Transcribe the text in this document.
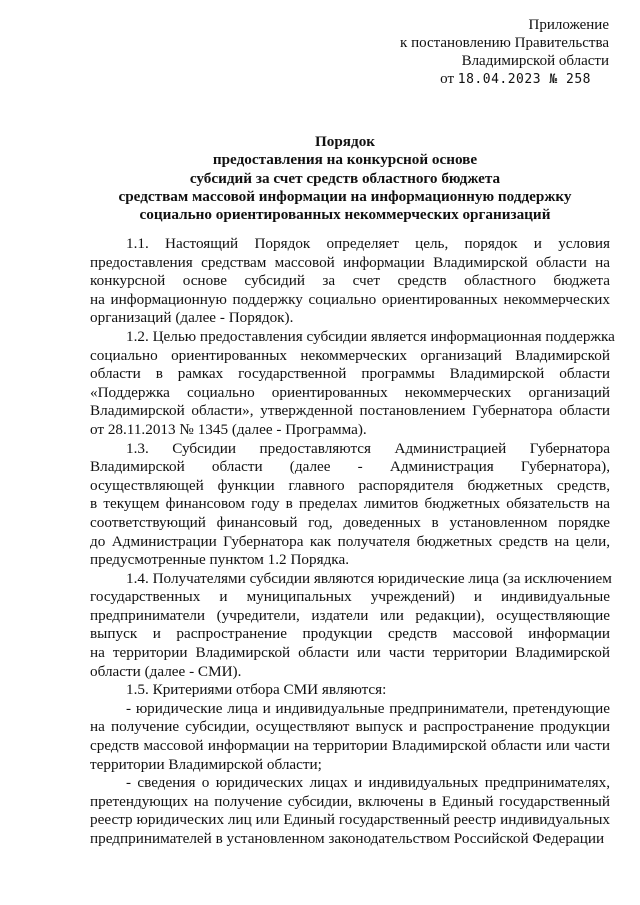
Приложение
к постановлению Правительства
Владимирской области
от 18.04.2023 № 258
Порядок
предоставления на конкурсной основе
субсидий за счет средств областного бюджета
средствам массовой информации на информационную поддержку
социально ориентированных некоммерческих организаций
1.1. Настоящий Порядок определяет цель, порядок и условия
предоставления средствам массовой информации Владимирской области на
конкурсной основе субсидий за счет средств областного бюджета
на информационную поддержку социально ориентированных некоммерческих
организаций (далее - Порядок).
1.2. Целью предоставления субсидии является информационная поддержка
социально ориентированных некоммерческих организаций Владимирской
области в рамках государственной программы Владимирской области
«Поддержка социально ориентированных некоммерческих организаций
Владимирской области», утвержденной постановлением Губернатора области
от 28.11.2013 № 1345 (далее - Программа).
1.3. Субсидии предоставляются Администрацией Губернатора
Владимирской области (далее - Администрация Губернатора),
осуществляющей функции главного распорядителя бюджетных средств,
в текущем финансовом году в пределах лимитов бюджетных обязательств на
соответствующий финансовый год, доведенных в установленном порядке
до Администрации Губернатора как получателя бюджетных средств на цели,
предусмотренные пунктом 1.2 Порядка.
1.4. Получателями субсидии являются юридические лица (за исключением
государственных и муниципальных учреждений) и индивидуальные
предприниматели (учредители, издатели или редакции), осуществляющие
выпуск и распространение продукции средств массовой информации
на территории Владимирской области или части территории Владимирской
области (далее - СМИ).
1.5. Критериями отбора СМИ являются:
- юридические лица и индивидуальные предприниматели, претендующие
на получение субсидии, осуществляют выпуск и распространение продукции
средств массовой информации на территории Владимирской области или части
территории Владимирской области;
- сведения о юридических лицах и индивидуальных предпринимателях,
претендующих на получение субсидии, включены в Единый государственный
реестр юридических лиц или Единый государственный реестр индивидуальных
предпринимателей в установленном законодательством Российской Федерации
